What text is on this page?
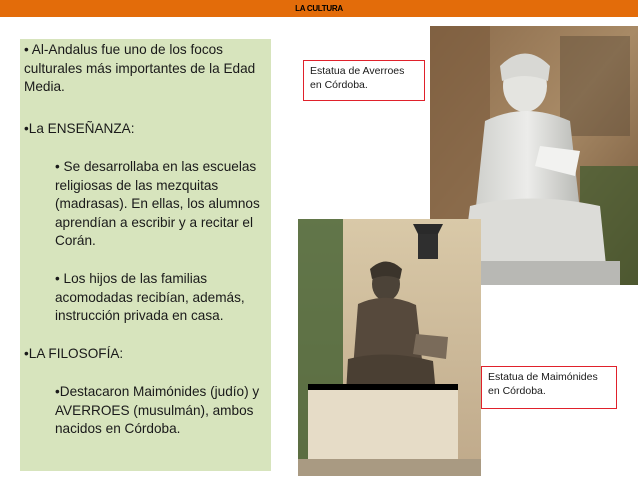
LA CULTURA

• Al-Andalus fue uno de los focos culturales más importantes de la Edad Media.

•La ENSEÑANZA:

• Se desarrollaba en las escuelas religiosas de las mezquitas (madrasas). En ellas, los alumnos aprendían a escribir y a recitar el Corán.

• Los hijos de las familias acomodadas recibían, además, instrucción privada en casa.

•LA FILOSOFÍA:

•Destacaron Maimónides (judío) y AVERROES (musulmán), ambos nacidos en Córdoba.

Estatua de Averroes en Córdoba.
Estatua de Maimónides en Córdoba.
